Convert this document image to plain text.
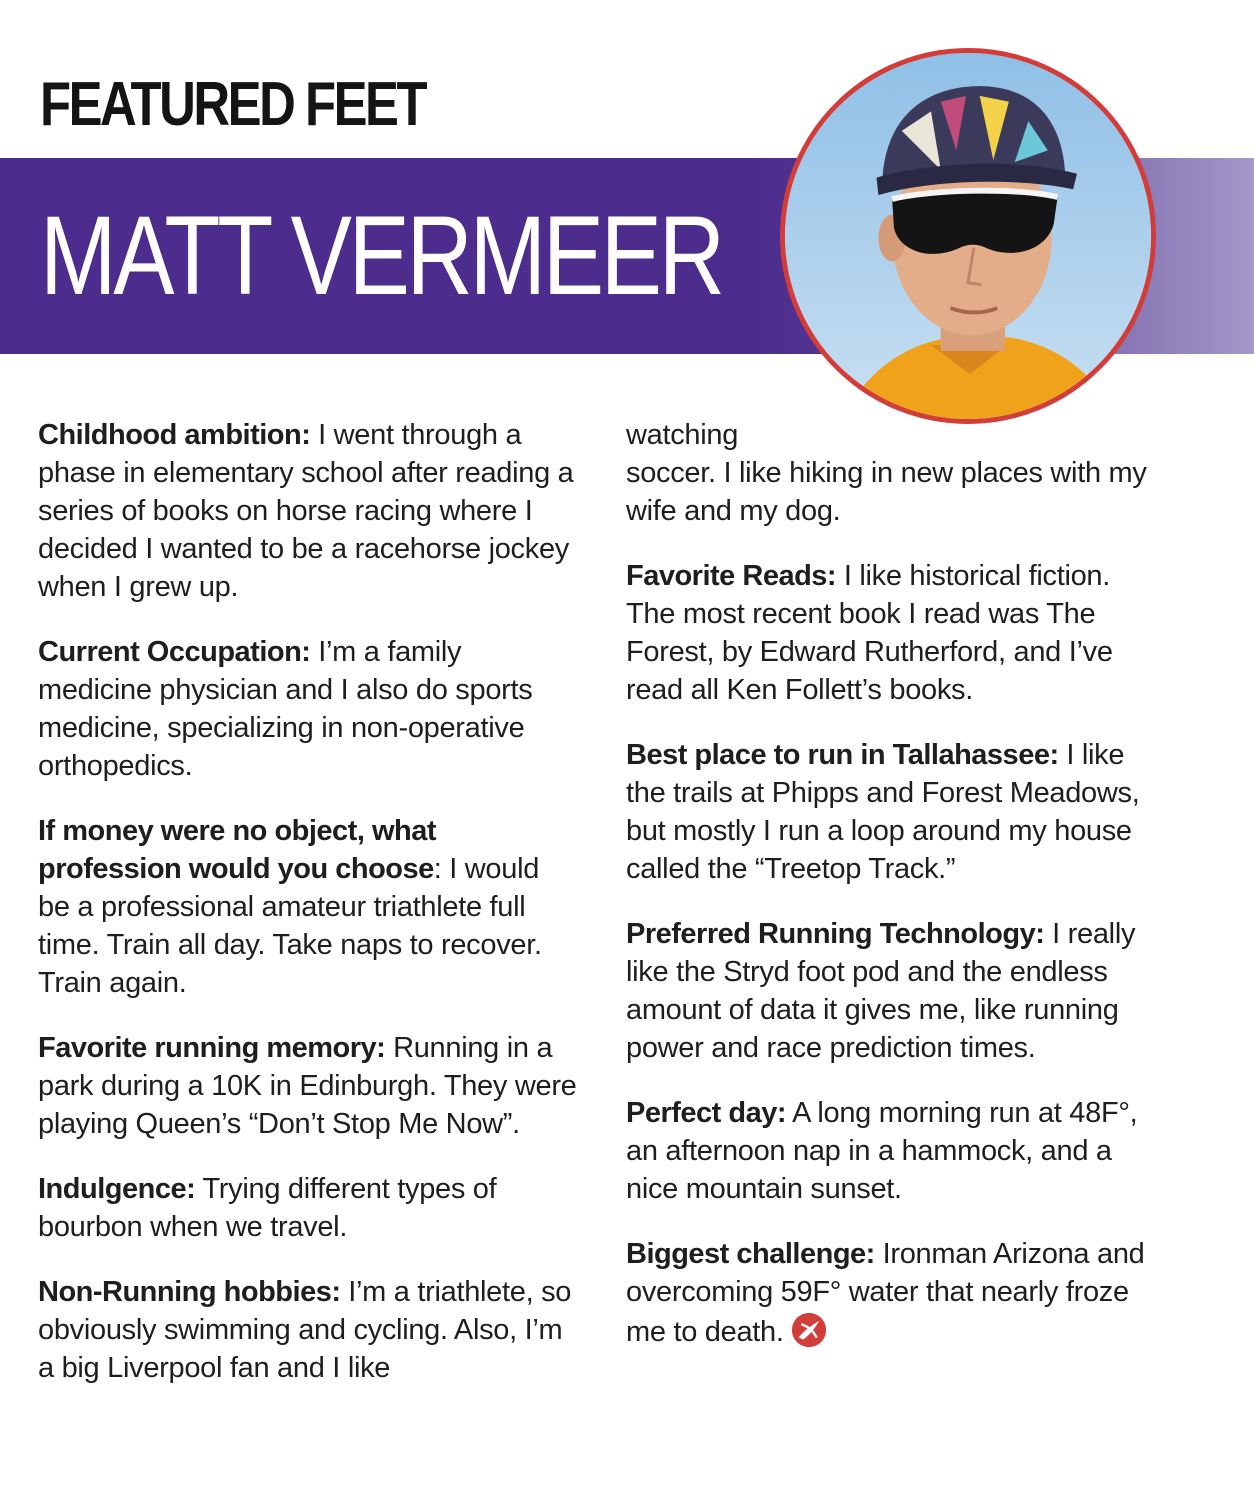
FEATURED FEET
MATT VERMEER

Childhood ambition: I went through a phase in elementary school after reading a series of books on horse racing where I decided I wanted to be a racehorse jockey when I grew up.

Current Occupation: I’m a family medicine physician and I also do sports medicine, specializing in non-operative orthopedics.

If money were no object, what profession would you choose: I would be a professional amateur triathlete full time. Train all day. Take naps to recover. Train again.

Favorite running memory: Running in a park during a 10K in Edinburgh. They were playing Queen’s “Don’t Stop Me Now”.

Indulgence: Trying different types of bourbon when we travel.

Non-Running hobbies: I’m a triathlete, so obviously swimming and cycling. Also, I’m a big Liverpool fan and I like

watching

soccer. I like hiking in new places with my wife and my dog.

Favorite Reads: I like historical fiction. The most recent book I read was The Forest, by Edward Rutherford, and I’ve read all Ken Follett’s books.

Best place to run in Tallahassee: I like the trails at Phipps and Forest Meadows, but mostly I run a loop around my house called the “Treetop Track.”

Preferred Running Technology: I really like the Stryd foot pod and the endless amount of data it gives me, like running power and race prediction times.

Perfect day: A long morning run at 48F°, an afternoon nap in a hammock, and a nice mountain sunset.

Biggest challenge: Ironman Arizona and overcoming 59F° water that nearly froze me to death.
